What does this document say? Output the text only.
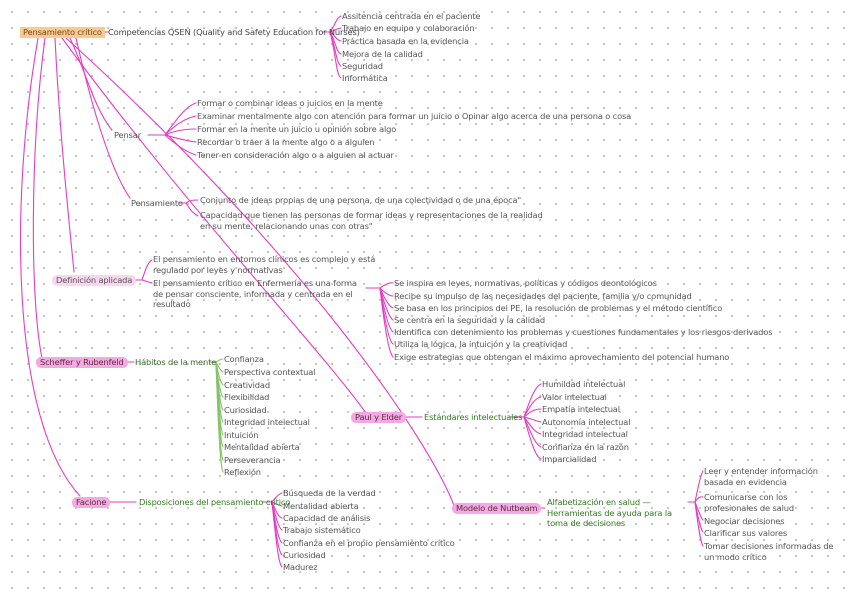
Pensamiento crítico Competencias QSEN (Quality and Safety Education for Nurses)
Assitencia centrada en el paciente
Trabajo en equipo y colaboración
Práctica basada en la evidencia
Mejora de la calidad
Seguridad
Informática
Pensar
Formar o combinar ideas o juicios en la mente
Examinar mentalmente algo con atención para formar un juicio o Opinar algo acerca de una persona o cosa
Formar en la mente un juicio u opinión sobre algo
Recordar o traer a la mente algo o a alguien
Tener en consideración algo o a alguien al actuar
Pensamiento Conjunto de ideas propias de una persona, de una colectividad o de una época"
Capacidad que tienen las personas de formar ideas y representaciones de la realidad en su mente, relacionando unas con otras"
Definición aplicada
El pensamiento en entornos clínicos es complejo y está regulado por leyes y normativas
El pensamiento crítico en Enfermería es una forma de pensar consciente, informada y centrada en el resultado
Se inspira en leyes, normativas, políticas y códigos deontológicos
Recibe su impulso de las necesidades del paciente, familia y/o comunidad
Se basa en los principios del PE, la resolución de problemas y el método científico
Se centra en la seguridad y la calidad
Identifica con detenimiento los problemas y cuestiones fundamentales y los riesgos derivados
Utiliza la lógica, la intuición y la creatividad
Exige estrategias que obtengan el máximo aprovechamiento del potencial humano
Scheffer y Rubenfeld	Hábitos de la mente Confianza
Perspectiva contextual
Creatividad
Flexibilidad
Curiosidad
Integridad intelectual
Intuición
Mentalidad abierta
Perseverancia
Reflexión
Paul y Elder	Estándares intelectuales
Humildad intelectual
Valor intelectual
Empatía intelectual
Autonomía intelectual
Integridad intelectual
Confianza en la razón
Imparcialidad
Facione	Disposiciones del pensamiento crítico
Búsqueda de la verdad
Mentalidad abierta
Capacidad de análisis
Trabajo sistemático
Confianza en el propio pensamiento crítico
Curiosidad
Madurez
Modelo de Nutbeam
Alfabetización en salud — Herramientas de ayuda para la toma de decisiones
Leer y entender información basada en evidencia
Comunicarse con los profesionales de salud
Negociar decisiones
Clarificar sus valores
Tomar decisiones informadas de un modo crítico
